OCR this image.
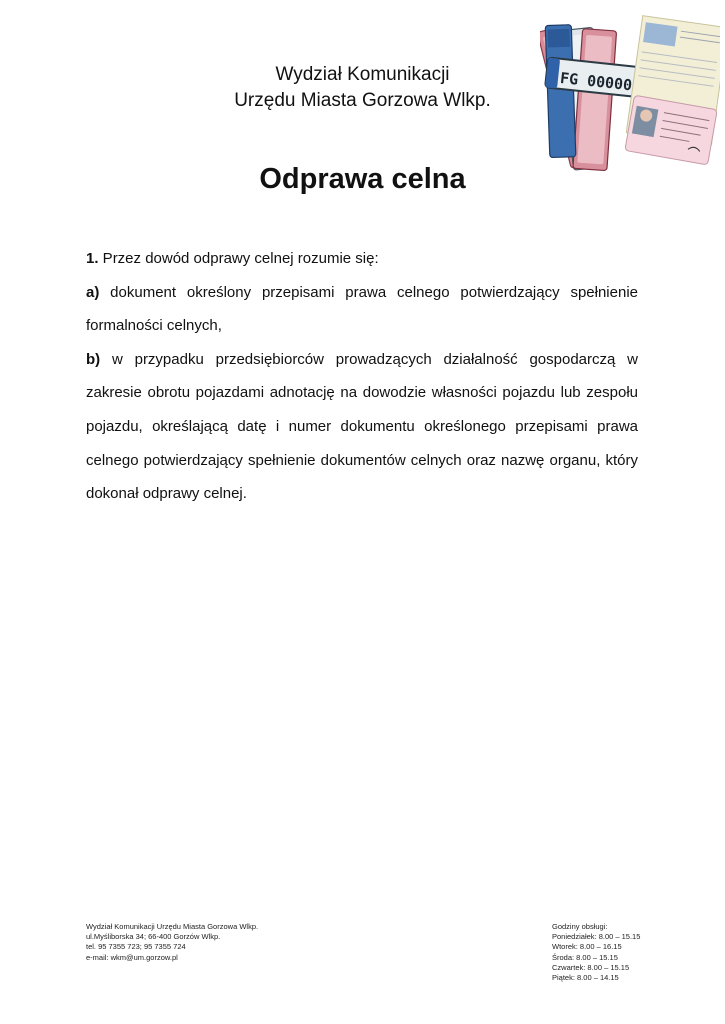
Wydział Komunikacji
Urzędu Miasta Gorzowa Wlkp.
FG 00000
Odprawa celna

1. Przez dowód odprawy celnej rozumie się:

a) dokument określony przepisami prawa celnego potwierdzający spełnienie formalności celnych,

b) w przypadku przedsiębiorców prowadzących działalność gospodarczą w zakresie obrotu pojazdami adnotację na dowodzie własności pojazdu lub zespołu pojazdu, określającą datę i numer dokumentu określonego przepisami prawa celnego potwierdzający spełnienie dokumentów celnych oraz nazwę organu, który dokonał odprawy celnej.

Wydział Komunikacji Urzędu Miasta Gorzowa Wlkp.
ul.Myśliborska 34; 66-400 Gorzów Wlkp.
tel. 95 7355 723; 95 7355 724
e-mail: wkm@um.gorzow.pl
Godziny obsługi:
Poniedziałek: 8.00 – 15.15
Wtorek: 8.00 – 16.15
Środa: 8.00 – 15.15
Czwartek: 8.00 – 15.15
Piątek: 8.00 – 14.15
